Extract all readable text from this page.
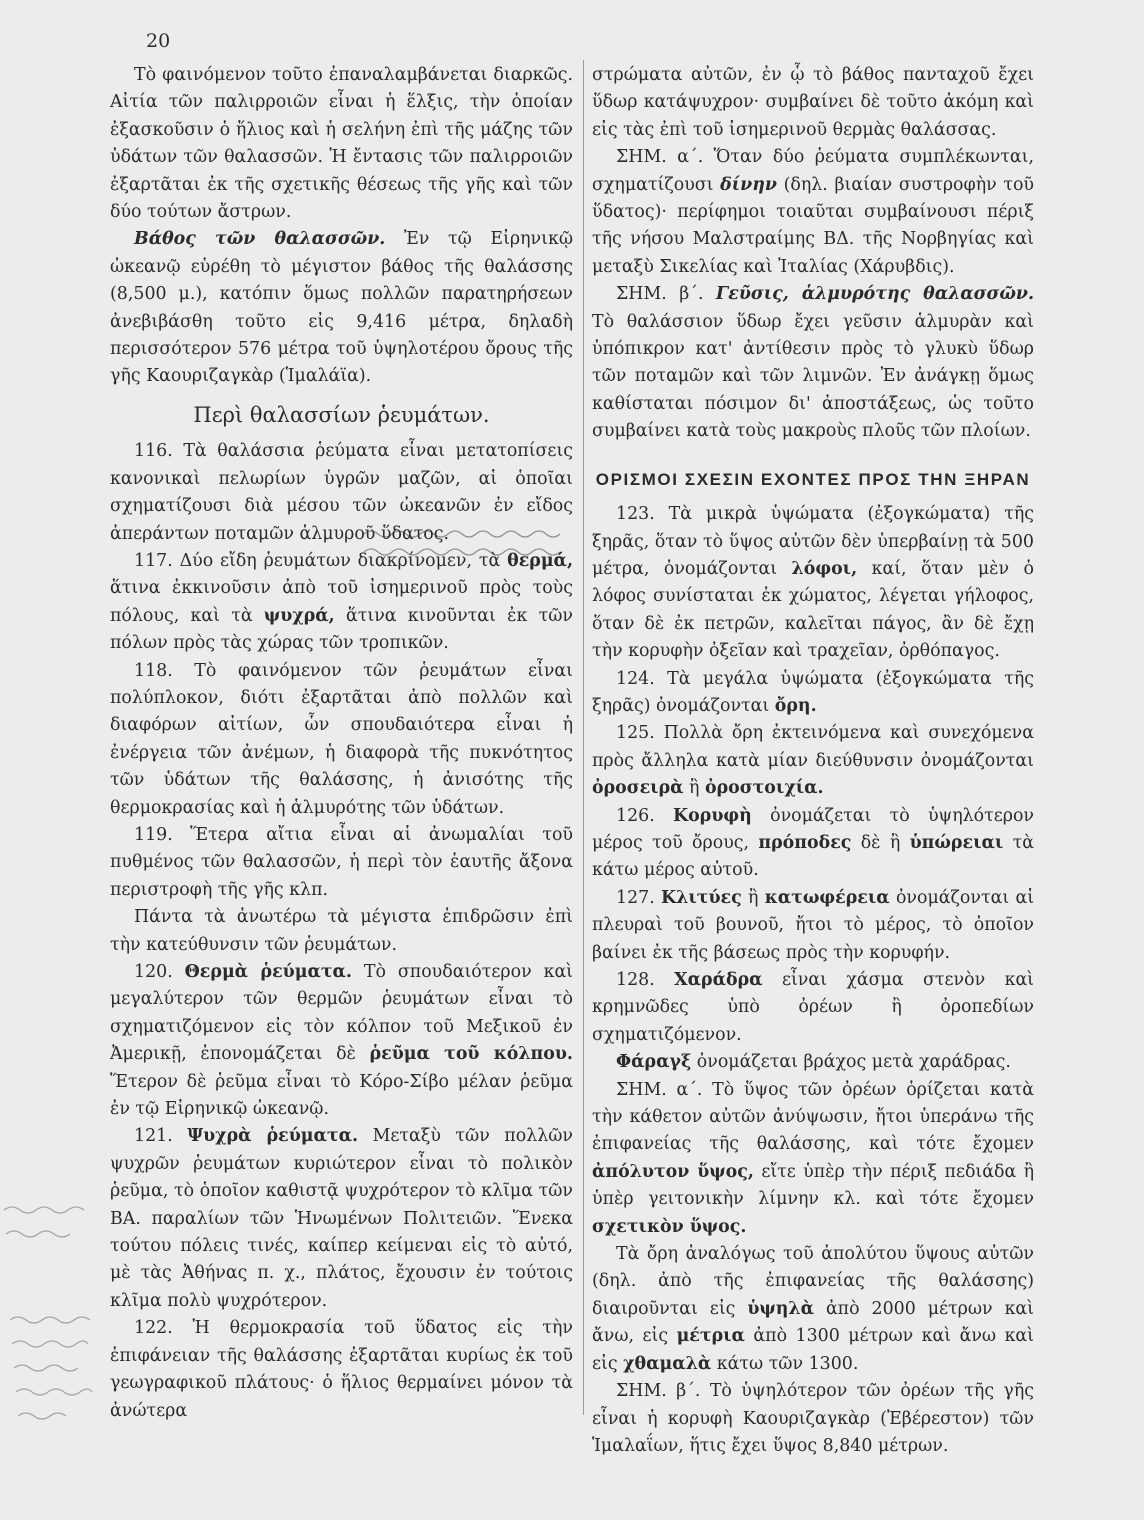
20

Τὸ φαινόμενον τοῦτο ἐπαναλαμβάνεται διαρκῶς. Αἰτία τῶν παλιρροιῶν εἶναι ἡ ἕλξις, τὴν ὁποίαν ἐξασκοῦσιν ὁ ἥλιος καὶ ἡ σελήνη ἐπὶ τῆς μάζης τῶν ὑδάτων τῶν θαλασσῶν. Ἡ ἔντασις τῶν παλιρροιῶν ἐξαρτᾶται ἐκ τῆς σχετικῆς θέσεως τῆς γῆς καὶ τῶν δύο τούτων ἄστρων.

Βάθος τῶν θαλασσῶν. Ἐν τῷ Εἰρηνικῷ ὠκεανῷ εὑρέθη τὸ μέγιστον βάθος τῆς θαλάσσης (8,500 μ.), κατόπιν ὅμως πολλῶν παρατηρήσεων ἀνεβιβάσθη τοῦτο εἰς 9,416 μέτρα, δηλαδὴ περισσότερον 576 μέτρα τοῦ ὑψηλοτέρου ὄρους τῆς γῆς Καουριζαγκὰρ (Ἱμαλάϊα).

Περὶ θαλασσίων ῥευμάτων.

116. Τὰ θαλάσσια ῥεύματα εἶναι μετατοπίσεις κανονικαὶ πελωρίων ὑγρῶν μαζῶν, αἱ ὁποῖαι σχηματίζουσι διὰ μέσου τῶν ὠκεανῶν ἐν εἴδος ἀπεράντων ποταμῶν ἁλμυροῦ ὕδατος.

117. Δύο εἴδη ῥευμάτων διακρίνομεν, τὰ θερμά, ἅτινα ἐκκινοῦσιν ἀπὸ τοῦ ἰσημερινοῦ πρὸς τοὺς πόλους, καὶ τὰ ψυχρά, ἅτινα κινοῦνται ἐκ τῶν πόλων πρὸς τὰς χώρας τῶν τροπικῶν.

118. Τὸ φαινόμενον τῶν ῥευμάτων εἶναι πολύπλοκον, διότι ἐξαρτᾶται ἀπὸ πολλῶν καὶ διαφόρων αἰτίων, ὧν σπουδαιότερα εἶναι ἡ ἐνέργεια τῶν ἀνέμων, ἡ διαφορὰ τῆς πυκνότητος τῶν ὑδάτων τῆς θαλάσσης, ἡ ἀνισότης τῆς θερμοκρασίας καὶ ἡ ἁλμυρότης τῶν ὑδάτων.

119. Ἕτερα αἴτια εἶναι αἱ ἀνωμαλίαι τοῦ πυθμένος τῶν θαλασσῶν, ἡ περὶ τὸν ἑαυτῆς ἄξονα περιστροφὴ τῆς γῆς κλπ.

Πάντα τὰ ἀνωτέρω τὰ μέγιστα ἐπιδρῶσιν ἐπὶ τὴν κατεύθυνσιν τῶν ῥευμάτων.

120. Θερμὰ ῥεύματα. Τὸ σπουδαιότερον καὶ μεγαλύτερον τῶν θερμῶν ῥευμάτων εἶναι τὸ σχηματιζόμενον εἰς τὸν κόλπον τοῦ Μεξικοῦ ἐν Ἀμερικῇ, ἐπονομάζεται δὲ ῥεῦμα τοῦ κόλπου. Ἕτερον δὲ ῥεῦμα εἶναι τὸ Κόρο-Σίβο μέλαν ῥεῦμα ἐν τῷ Εἰρηνικῷ ὠκεανῷ.

121. Ψυχρὰ ῥεύματα. Μεταξὺ τῶν πολλῶν ψυχρῶν ῥευμάτων κυριώτερον εἶναι τὸ πολικὸν ῥεῦμα, τὸ ὁποῖον καθιστᾷ ψυχρότερον τὸ κλῖμα τῶν ΒΑ. παραλίων τῶν Ἡνωμένων Πολιτειῶν. Ἕνεκα τούτου πόλεις τινές, καίπερ κείμεναι εἰς τὸ αὐτό, μὲ τὰς Ἀθήνας π. χ., πλάτος, ἔχουσιν ἐν τούτοις κλῖμα πολὺ ψυχρότερον.

122. Ἡ θερμοκρασία τοῦ ὕδατος εἰς τὴν ἐπιφάνειαν τῆς θαλάσσης ἐξαρτᾶται κυρίως ἐκ τοῦ γεωγραφικοῦ πλάτους· ὁ ἥλιος θερμαίνει μόνον τὰ ἀνώτερα

στρώματα αὐτῶν, ἐν ᾧ τὸ βάθος πανταχοῦ ἔχει ὕδωρ κατάψυχρον· συμβαίνει δὲ τοῦτο ἀκόμη καὶ εἰς τὰς ἐπὶ τοῦ ἰσημερινοῦ θερμὰς θαλάσσας.

ΣΗΜ. α΄. Ὅταν δύο ῥεύματα συμπλέκωνται, σχηματίζουσι δίνην (δηλ. βιαίαν συστροφὴν τοῦ ὕδατος)· περίφημοι τοιαῦται συμβαίνουσι πέριξ τῆς νήσου Μαλστραίμης ΒΔ. τῆς Νορβηγίας καὶ μεταξὺ Σικελίας καὶ Ἰταλίας (Χάρυβδις).

ΣΗΜ. β΄. Γεῦσις, ἁλμυρότης θαλασσῶν. Τὸ θαλάσσιον ὕδωρ ἔχει γεῦσιν ἁλμυρὰν καὶ ὑπόπικρον κατ' ἀντίθεσιν πρὸς τὸ γλυκὺ ὕδωρ τῶν ποταμῶν καὶ τῶν λιμνῶν. Ἐν ἀνάγκῃ ὅμως καθίσταται πόσιμον δι' ἀποστάξεως, ὡς τοῦτο συμβαίνει κατὰ τοὺς μακροὺς πλοῦς τῶν πλοίων.

ΟΡΙΣΜΟΙ ΣΧΕΣΙΝ ΕΧΟΝΤΕΣ ΠΡΟΣ ΤΗΝ ΞΗΡΑΝ

123. Τὰ μικρὰ ὑψώματα (ἐξογκώματα) τῆς ξηρᾶς, ὅταν τὸ ὕψος αὐτῶν δὲν ὑπερβαίνῃ τὰ 500 μέτρα, ὀνομάζονται λόφοι, καί, ὅταν μὲν ὁ λόφος συνίσταται ἐκ χώματος, λέγεται γήλοφος, ὅταν δὲ ἐκ πετρῶν, καλεῖται πάγος, ἂν δὲ ἔχῃ τὴν κορυφὴν ὀξεῖαν καὶ τραχεῖαν, ὀρθόπαγος.

124. Τὰ μεγάλα ὑψώματα (ἐξογκώματα τῆς ξηρᾶς) ὀνομάζονται ὄρη.

125. Πολλὰ ὄρη ἐκτεινόμενα καὶ συνεχόμενα πρὸς ἄλληλα κατὰ μίαν διεύθυνσιν ὀνομάζονται ὀροσειρὰ ἢ ὀροστοιχία.

126. Κορυφὴ ὀνομάζεται τὸ ὑψηλότερον μέρος τοῦ ὄρους, πρόποδες δὲ ἢ ὑπώρειαι τὰ κάτω μέρος αὐτοῦ.

127. Κλιτύες ἢ κατωφέρεια ὀνομάζονται αἱ πλευραὶ τοῦ βουνοῦ, ἤτοι τὸ μέρος, τὸ ὁποῖον βαίνει ἐκ τῆς βάσεως πρὸς τὴν κορυφήν.

128. Χαράδρα εἶναι χάσμα στενὸν καὶ κρημνῶδες ὑπὸ ὀρέων ἢ ὀροπεδίων σχηματιζόμενον.

Φάραγξ ὀνομάζεται βράχος μετὰ χαράδρας.

ΣΗΜ. α΄. Τὸ ὕψος τῶν ὀρέων ὁρίζεται κατὰ τὴν κάθετον αὐτῶν ἀνύψωσιν, ἤτοι ὑπεράνω τῆς ἐπιφανείας τῆς θαλάσσης, καὶ τότε ἔχομεν ἀπόλυτον ὕψος, εἴτε ὑπὲρ τὴν πέριξ πεδιάδα ἢ ὑπὲρ γειτονικὴν λίμνην κλ. καὶ τότε ἔχομεν σχετικὸν ὕψος.

Τὰ ὄρη ἀναλόγως τοῦ ἀπολύτου ὕψους αὐτῶν (δηλ. ἀπὸ τῆς ἐπιφανείας τῆς θαλάσσης) διαιροῦνται εἰς ὑψηλὰ ἀπὸ 2000 μέτρων καὶ ἄνω, εἰς μέτρια ἀπὸ 1300 μέτρων καὶ ἄνω καὶ εἰς χθαμαλὰ κάτω τῶν 1300.

ΣΗΜ. β΄. Τὸ ὑψηλότερον τῶν ὀρέων τῆς γῆς εἶναι ἡ κορυφὴ Καουριζαγκὰρ (Ἐβέρεστον) τῶν Ἱμαλαΐων, ἥτις ἔχει ὕψος 8,840 μέτρων.
